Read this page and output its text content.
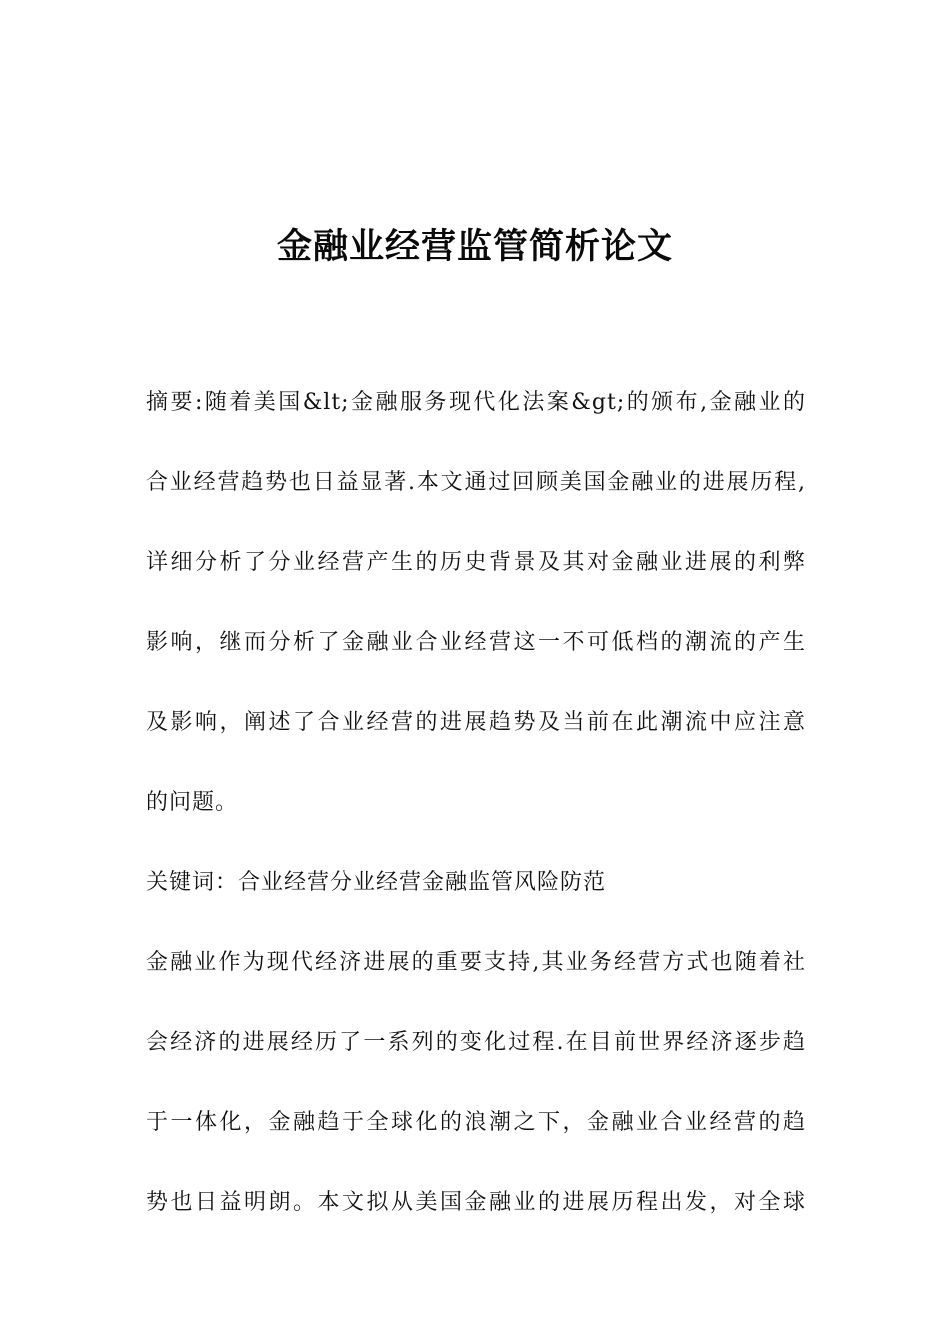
金融业经营监管简析论文
摘要:随着美国&lt;金融服务现代化法案&gt;的颁布,金融业的
合业经营趋势也日益显著.本文通过回顾美国金融业的进展历程,
详细分析了分业经营产生的历史背景及其对金融业进展的利弊
影响，继而分析了金融业合业经营这一不可低档的潮流的产生
及影响，阐述了合业经营的进展趋势及当前在此潮流中应注意
的问题。
关键词：合业经营分业经营金融监管风险防范
金融业作为现代经济进展的重要支持,其业务经营方式也随着社
会经济的进展经历了一系列的变化过程.在目前世界经济逐步趋
于一体化，金融趋于全球化的浪潮之下，金融业合业经营的趋
势也日益明朗。本文拟从美国金融业的进展历程出发，对全球
